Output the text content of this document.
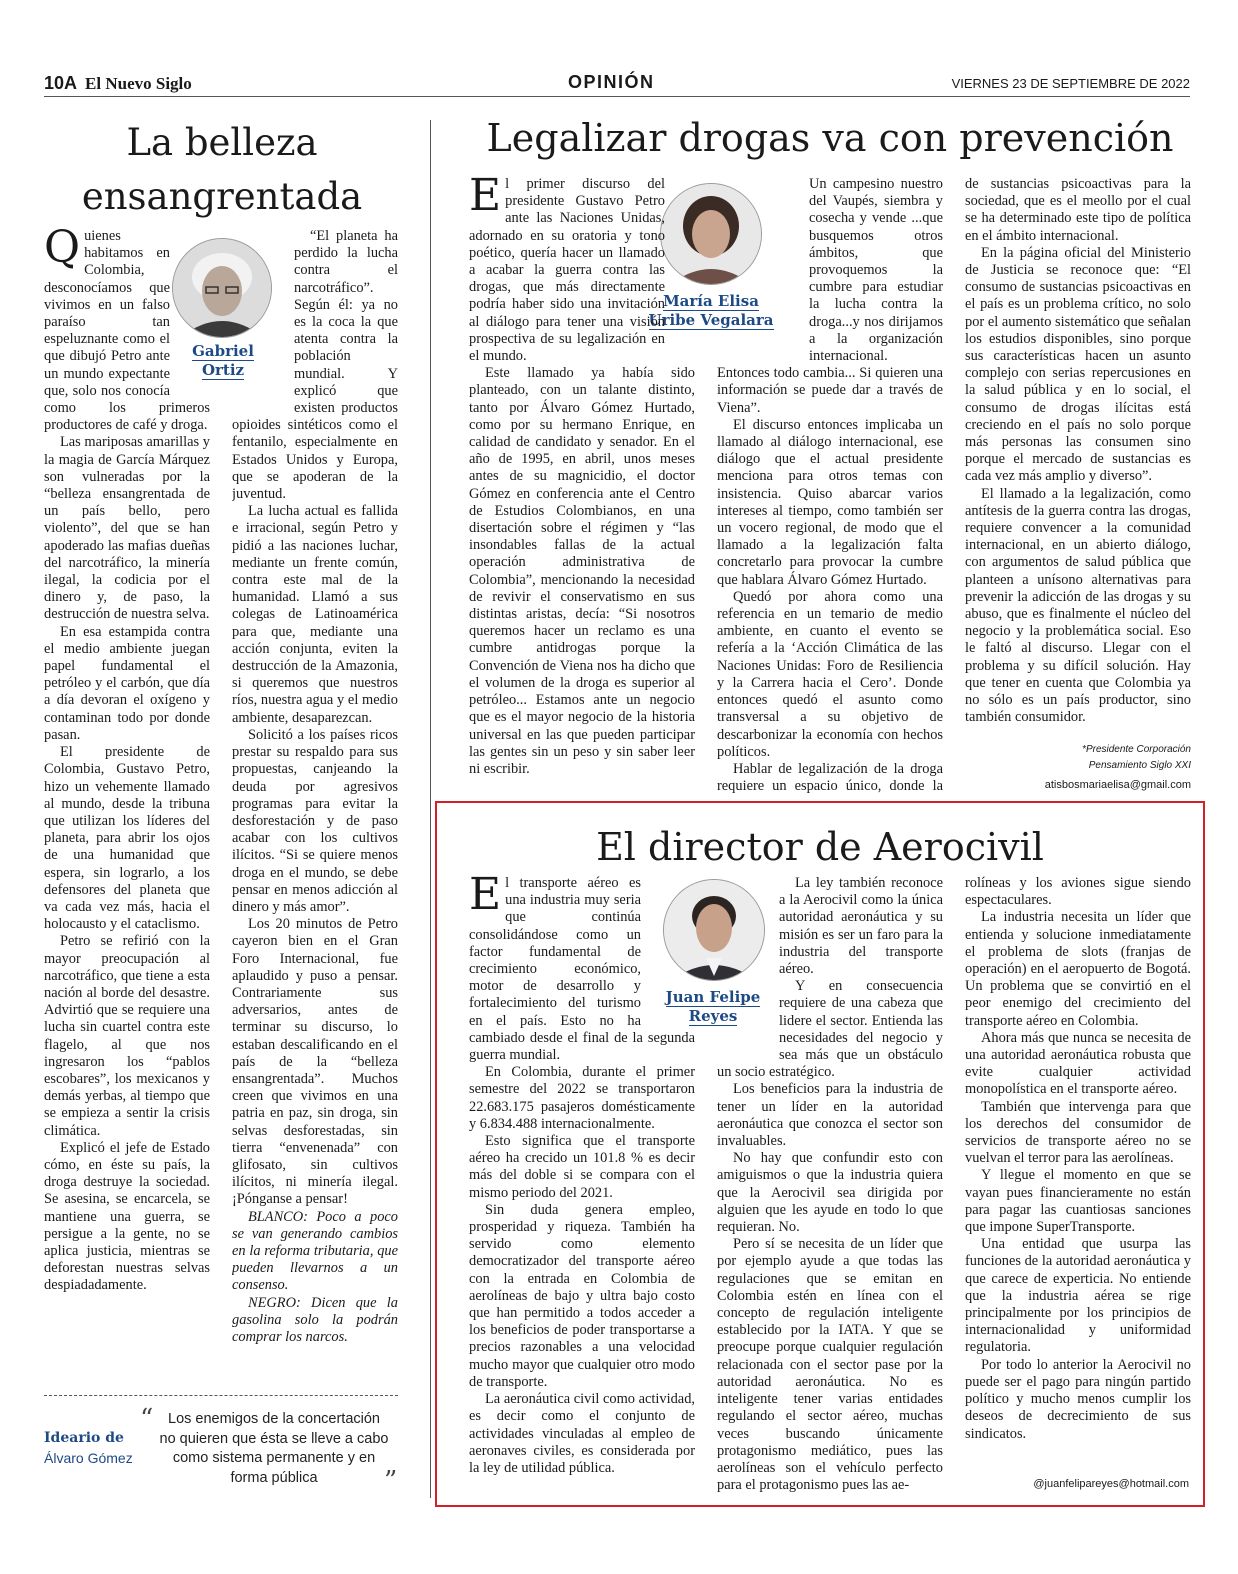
10A El Nuevo Siglo	OPINIÓN	VIERNES 23 DE SEPTIEMBRE DE 2022
La belleza ensangrentada
Gabriel Ortiz
Q uienes habitamos en Colombia, desconocíamos que vivimos en un falso paraíso tan espeluznante como el que dibujó Petro ante un mundo expectante que, solo nos conocía como los primeros productores de café y droga.

Las mariposas amarillas y la magia de García Márquez son vulneradas por la “belleza ensangrentada de un país bello, pero violento”, del que se han apoderado las mafias dueñas del narcotráfico, la minería ilegal, la codicia por el dinero y, de paso, la destrucción de nuestra selva.

En esa estampida contra el medio ambiente juegan papel fundamental el petróleo y el carbón, que día a día devoran el oxígeno y contaminan todo por donde pasan.

El presidente de Colombia, Gustavo Petro, hizo un vehemente llamado al mundo, desde la tribuna que utilizan los líderes del planeta, para abrir los ojos de una humanidad que espera, sin lograrlo, a los defensores del planeta que va cada vez más, hacia el holocausto y el cataclismo.

Petro se refirió con la mayor preocupación al narcotráfico, que tiene a esta nación al borde del desastre. Advirtió que se requiere una lucha sin cuartel contra este flagelo, al que nos ingresaron los “pablos escobares”, los mexicanos y demás yerbas, al tiempo que se empieza a sentir la crisis climática.

Explicó el jefe de Estado cómo, en éste su país, la droga destruye la sociedad. Se asesina, se encarcela, se mantiene una guerra, se persigue a la gente, no se aplica justicia, mientras se deforestan nuestras selvas despiadadamente.

“El planeta ha perdido la lucha contra el narcotráfico”. Según él: ya no es la coca la que atenta contra la población mundial. Y explicó que existen productos opioides sintéticos como el fentanilo, especialmente en Estados Unidos y Europa, que se apoderan de la juventud.

La lucha actual es fallida e irracional, según Petro y pidió a las naciones luchar, mediante un frente común, contra este mal de la humanidad. Llamó a sus colegas de Latinoamérica para que, mediante una acción conjunta, eviten la destrucción de la Amazonia, si queremos que nuestros ríos, nuestra agua y el medio ambiente, desaparezcan.

Solicitó a los países ricos prestar su respaldo para sus propuestas, canjeando la deuda por agresivos programas para evitar la desforestación y de paso acabar con los cultivos ilícitos. “Si se quiere menos droga en el mundo, se debe pensar en menos adicción al dinero y más amor”.

Los 20 minutos de Petro cayeron bien en el Gran Foro Internacional, fue aplaudido y puso a pensar. Contrariamente sus adversarios, antes de terminar su discurso, lo estaban descalificando en el país de la “belleza ensangrentada”. Muchos creen que vivimos en una patria en paz, sin droga, sin selvas desforestadas, sin tierra “envenenada” con glifosato, sin cultivos ilícitos, ni minería ilegal. ¡Pónganse a pensar!

BLANCO: Poco a poco se van generando cambios en la reforma tributaria, que pueden llevarnos a un consenso.

NEGRO: Dicen que la gasolina solo la podrán comprar los narcos.

Ideario de
Álvaro Gómez
“	Los enemigos de la concertación no quieren que ésta se lleve a cabo como sistema permanente y en forma pública	”
Legalizar drogas va con prevención
María Elisa Uribe Vegalara
E l primer discurso del presidente Gustavo Petro ante las Naciones Unidas, adornado en su oratoria y tono poético, quería hacer un llamado a acabar la guerra contra las drogas, que más directamente podría haber sido una invitación al diálogo para tener una visión prospectiva de su legalización en el mundo.

Este llamado ya había sido planteado, con un talante distinto, tanto por Álvaro Gómez Hurtado, como por su hermano Enrique, en calidad de candidato y senador. En el año de 1995, en abril, unos meses antes de su magnicidio, el doctor Gómez en conferencia ante el Centro de Estudios Colombianos, en una disertación sobre el régimen y “las insondables fallas de la actual operación administrativa de Colombia”, mencionando la necesidad de revivir el conservatismo en sus distintas aristas, decía: “Si nosotros queremos hacer un reclamo es una cumbre antidrogas porque la Convención de Viena nos ha dicho que el volumen de la droga es superior al petróleo... Estamos ante un negocio que es el mayor negocio de la historia universal en las que pueden participar las gentes sin un peso y sin saber leer ni escribir.

Un campesino nuestro del Vaupés, siembra y cosecha y vende ...que busquemos otros ámbitos, que provoquemos la cumbre para estudiar la lucha contra la droga...y nos dirijamos a la organización internacional. Entonces todo cambia... Si quieren una información se puede dar a través de Viena”.

El discurso entonces implicaba un llamado al diálogo internacional, ese diálogo que el actual presidente menciona para otros temas con insistencia. Quiso abarcar varios intereses al tiempo, como también ser un vocero regional, de modo que el llamado a la legalización falta concretarlo para provocar la cumbre que hablara Álvaro Gómez Hurtado.

Quedó por ahora como una referencia en un temario de medio ambiente, en cuanto el evento se refería a la ‘Acción Climática de las Naciones Unidas: Foro de Resiliencia y la Carrera hacia el Cero’. Donde entonces quedó el asunto como transversal a su objetivo de descarbonizar la economía con hechos políticos.

Hablar de legalización de la droga requiere un espacio único, donde la

de sustancias psicoactivas para la sociedad, que es el meollo por el cual se ha determinado este tipo de política en el ámbito internacional.

En la página oficial del Ministerio de Justicia se reconoce que: “El consumo de sustancias psicoactivas en el país es un problema crítico, no solo por el aumento sistemático que señalan los estudios disponibles, sino porque sus características hacen un asunto complejo con serias repercusiones en la salud pública y en lo social, el consumo de drogas ilícitas está creciendo en el país no solo porque más personas las consumen sino porque el mercado de sustancias es cada vez más amplio y diverso”.

El llamado a la legalización, como antítesis de la guerra contra las drogas, requiere convencer a la comunidad internacional, en un abierto diálogo, con argumentos de salud pública que planteen a unísono alternativas para prevenir la adicción de las drogas y su abuso, que es finalmente el núcleo del negocio y la problemática social. Eso le faltó al discurso. Llegar con el problema y su difícil solución. Hay que tener en cuenta que Colombia ya no sólo es un país productor, sino también consumidor.

*Presidente Corporación
Pensamiento Siglo XXI
atisbosmariaelisa@gmail.com
El director de Aerocivil
Juan Felipe Reyes
E l transporte aéreo es una industria muy seria que continúa consolidándose como un factor fundamental de crecimiento económico, motor de desarrollo y fortalecimiento del turismo en el país. Esto no ha cambiado desde el final de la segunda guerra mundial.

En Colombia, durante el primer semestre del 2022 se transportaron 22.683.175 pasajeros domésticamente y 6.834.488 internacionalmente.

Esto significa que el transporte aéreo ha crecido un 101.8 % es decir más del doble si se compara con el mismo periodo del 2021.

Sin duda genera empleo, prosperidad y riqueza. También ha servido como elemento democratizador del transporte aéreo con la entrada en Colombia de aerolíneas de bajo y ultra bajo costo que han permitido a todos acceder a los beneficios de poder transportarse a precios razonables a una velocidad mucho mayor que cualquier otro modo de transporte.

La aeronáutica civil como actividad, es decir como el conjunto de actividades vinculadas al empleo de aeronaves civiles, es considerada por la ley de utilidad pública.

La ley también reconoce a la Aerocivil como la única autoridad aeronáutica y su misión es ser un faro para la industria del transporte aéreo.

Y en consecuencia requiere de una cabeza que lidere el sector. Entienda las necesidades del negocio y sea más que un obstáculo un socio estratégico.

Los beneficios para la industria de tener un líder en la autoridad aeronáutica que conozca el sector son invaluables.

No hay que confundir esto con amiguismos o que la industria quiera que la Aerocivil sea dirigida por alguien que les ayude en todo lo que requieran. No.

Pero sí se necesita de un líder que por ejemplo ayude a que todas las regulaciones que se emitan en Colombia estén en línea con el concepto de regulación inteligente establecido por la IATA. Y que se preocupe porque cualquier regulación relacionada con el sector pase por la autoridad aeronáutica. No es inteligente tener varias entidades regulando el sector aéreo, muchas veces buscando únicamente protagonismo mediático, pues las aerolíneas son el vehículo perfecto para el protagonismo pues las ae-

rolíneas y los aviones sigue siendo espectaculares.

La industria necesita un líder que entienda y solucione inmediatamente el problema de slots (franjas de operación) en el aeropuerto de Bogotá. Un problema que se convirtió en el peor enemigo del crecimiento del transporte aéreo en Colombia.

Ahora más que nunca se necesita de una autoridad aeronáutica robusta que evite cualquier actividad monopolística en el transporte aéreo.

También que intervenga para que los derechos del consumidor de servicios de transporte aéreo no se vuelvan el terror para las aerolíneas.

Y llegue el momento en que se vayan pues financieramente no están para pagar las cuantiosas sanciones que impone SuperTransporte.

Una entidad que usurpa las funciones de la autoridad aeronáutica y que carece de experticia. No entiende que la industria aérea se rige principalmente por los principios de internacionalidad y uniformidad regulatoria.

Por todo lo anterior la Aerocivil no puede ser el pago para ningún partido político y mucho menos cumplir los deseos de decrecimiento de sus sindicatos.

@juanfelipareyes@hotmail.com
